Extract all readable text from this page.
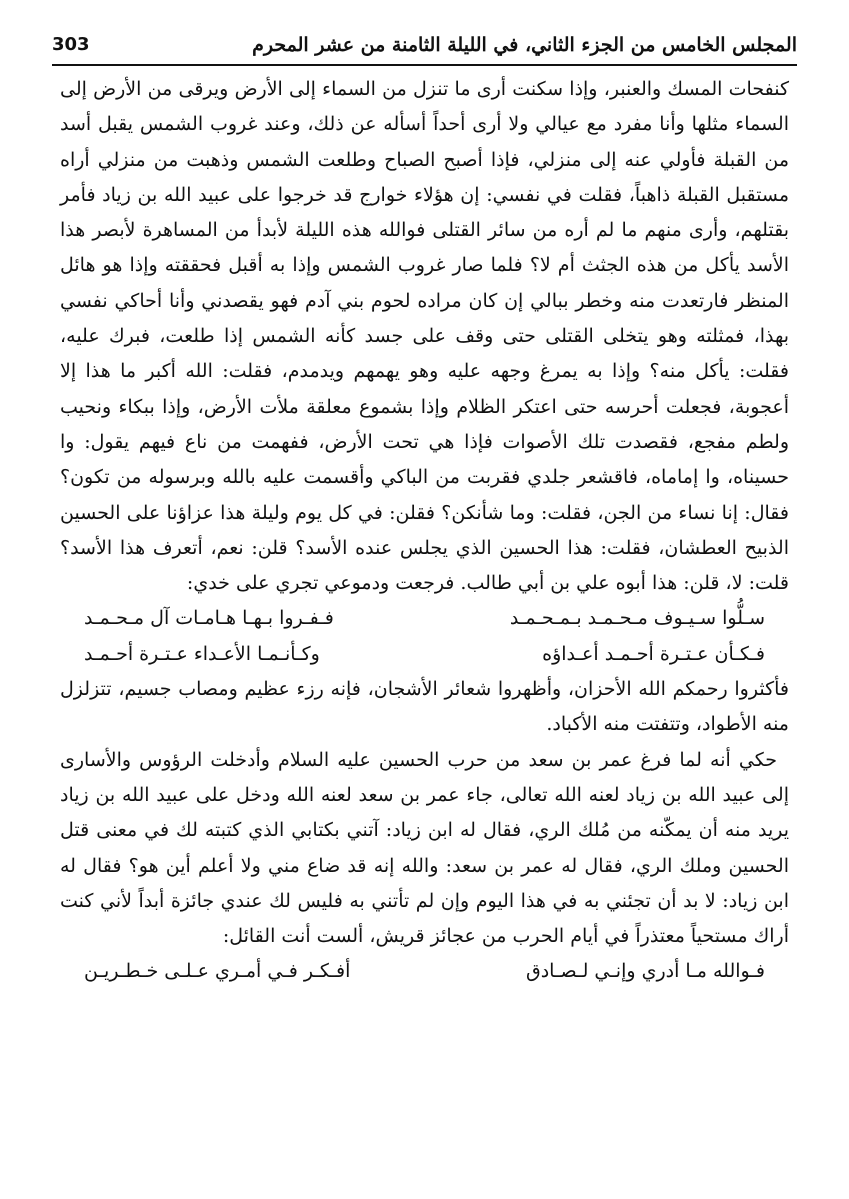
303	المجلس الخامس من الجزء الثاني، في الليلة الثامنة من عشر المحرم

كنفحات المسك والعنبر، وإذا سكنت أرى ما تنزل من السماء إلى الأرض ويرقى من الأرض إلى السماء مثلها وأنا مفرد مع عيالي ولا أرى أحداً أسأله عن ذلك، وعند غروب الشمس يقبل أسد من القبلة فأولي عنه إلى منزلي، فإذا أصبح الصباح وطلعت الشمس وذهبت من منزلي أراه مستقبل القبلة ذاهباً، فقلت في نفسي: إن هؤلاء خوارج قد خرجوا على عبيد الله بن زياد فأمر بقتلهم، وأرى منهم ما لم أره من سائر القتلى فوالله هذه الليلة لأبدأ من المساهرة لأبصر هذا الأسد يأكل من هذه الجثث أم لا؟ فلما صار غروب الشمس وإذا به أقبل فحققته وإذا هو هائل المنظر فارتعدت منه وخطر ببالي إن كان مراده لحوم بني آدم فهو يقصدني وأنا أحاكي نفسي بهذا، فمثلته وهو يتخلى القتلى حتى وقف على جسد كأنه الشمس إذا طلعت، فبرك عليه، فقلت: يأكل منه؟ وإذا به يمرغ وجهه عليه وهو يهمهم ويدمدم، فقلت: الله أكبر ما هذا إلا أعجوبة، فجعلت أحرسه حتى اعتكر الظلام وإذا بشموع معلقة ملأت الأرض، وإذا ببكاء ونحيب ولطم مفجع، فقصدت تلك الأصوات فإذا هي تحت الأرض، ففهمت من ناع فيهم يقول: وا حسيناه، وا إماماه، فاقشعر جلدي فقربت من الباكي وأقسمت عليه بالله وبرسوله من تكون؟ فقال: إنا نساء من الجن، فقلت: وما شأنكن؟ فقلن: في كل يوم وليلة هذا عزاؤنا على الحسين الذبيح العطشان، فقلت: هذا الحسين الذي يجلس عنده الأسد؟ قلن: نعم، أتعرف هذا الأسد؟ قلت: لا، قلن: هذا أبوه علي بن أبي طالب. فرجعت ودموعي تجري على خدي:

سـلُّوا سـيـوف مـحـمـد بـمـحـمـد
فـفـروا بـهـا هـامـات آل مـحـمـد
فـكـأن عـتـرة أحـمـد أعـداؤه
وكـأنـمـا الأعـداء عـتـرة أحـمـد

فأكثروا رحمكم الله الأحزان، وأظهروا شعائر الأشجان، فإنه رزء عظيم ومصاب جسيم، تتزلزل منه الأطواد، وتتفتت منه الأكباد.

حكي أنه لما فرغ عمر بن سعد من حرب الحسين عليه السلام وأدخلت الرؤوس والأسارى إلى عبيد الله بن زياد لعنه الله تعالى، جاء عمر بن سعد لعنه الله ودخل على عبيد الله بن زياد يريد منه أن يمكّنه من مُلك الري، فقال له ابن زياد: آتني بكتابي الذي كتبته لك في معنى قتل الحسين وملك الري، فقال له عمر بن سعد: والله إنه قد ضاع مني ولا أعلم أين هو؟ فقال له ابن زياد: لا بد أن تجئني به في هذا اليوم وإن لم تأتني به فليس لك عندي جائزة أبداً لأني كنت أراك مستحياً معتذراً في أيام الحرب من عجائز قريش، ألست أنت القائل:

فـوالله مـا أدري وإنـي لـصـادق
أفـكـر فـي أمـري عـلـى خـطـريـن
